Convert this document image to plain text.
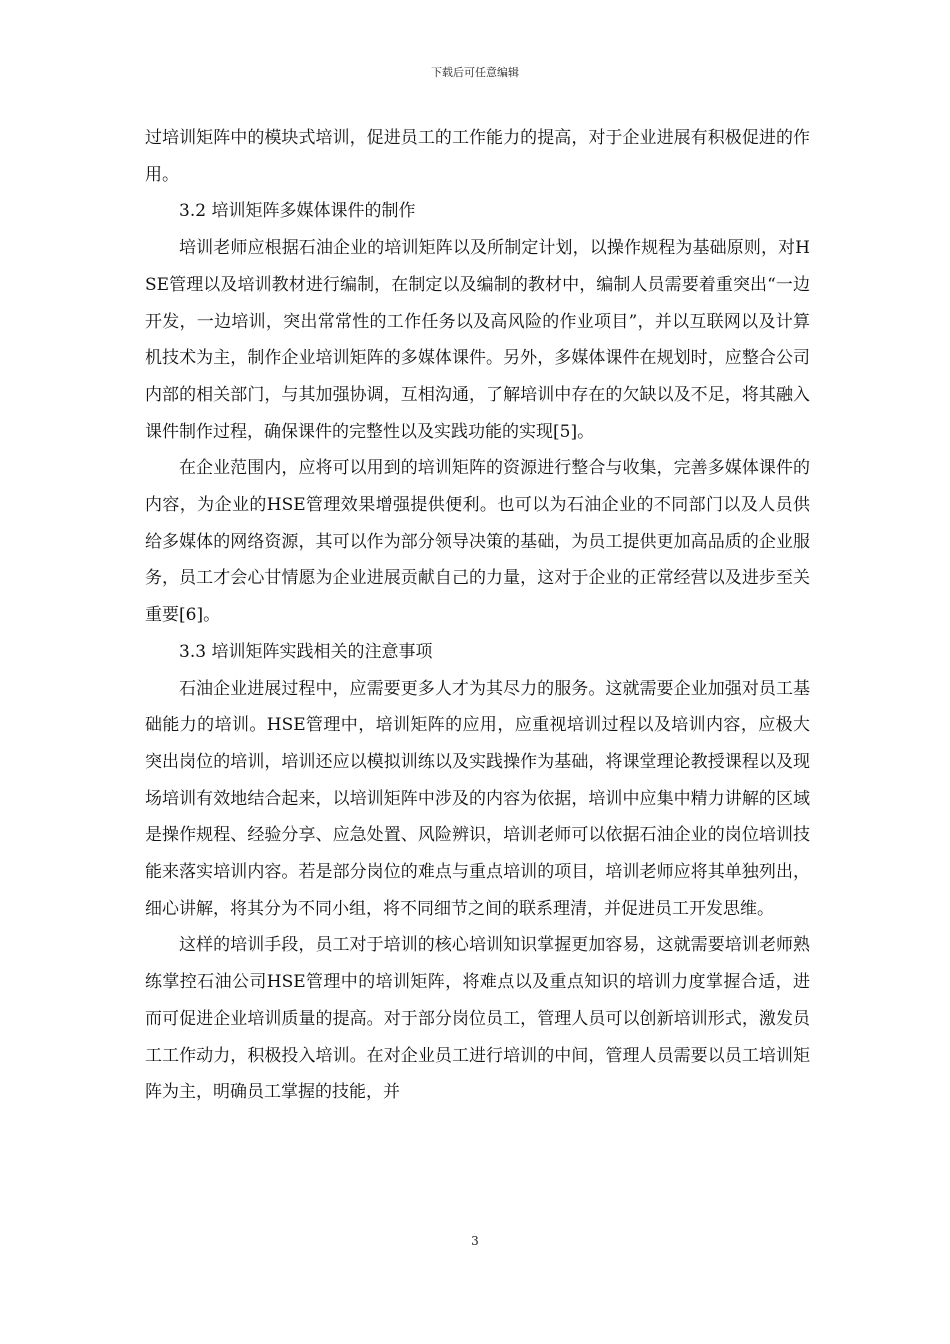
下载后可任意编辑

过培训矩阵中的模块式培训，促进员工的工作能力的提高，对于企业进展有积极促进的作用。

3.2 培训矩阵多媒体课件的制作

培训老师应根据石油企业的培训矩阵以及所制定计划，以操作规程为基础原则，对HSE管理以及培训教材进行编制，在制定以及编制的教材中，编制人员需要着重突出“一边开发，一边培训，突出常常性的工作任务以及高风险的作业项目”，并以互联网以及计算机技术为主，制作企业培训矩阵的多媒体课件。另外，多媒体课件在规划时，应整合公司内部的相关部门，与其加强协调，互相沟通，了解培训中存在的欠缺以及不足，将其融入课件制作过程，确保课件的完整性以及实践功能的实现[5]。

在企业范围内，应将可以用到的培训矩阵的资源进行整合与收集，完善多媒体课件的内容，为企业的HSE管理效果增强提供便利。也可以为石油企业的不同部门以及人员供给多媒体的网络资源，其可以作为部分领导决策的基础，为员工提供更加高品质的企业服务，员工才会心甘情愿为企业进展贡献自己的力量，这对于企业的正常经营以及进步至关重要[6]。

3.3 培训矩阵实践相关的注意事项

石油企业进展过程中，应需要更多人才为其尽力的服务。这就需要企业加强对员工基础能力的培训。HSE管理中，培训矩阵的应用，应重视培训过程以及培训内容，应极大突出岗位的培训，培训还应以模拟训练以及实践操作为基础，将课堂理论教授课程以及现场培训有效地结合起来，以培训矩阵中涉及的内容为依据，培训中应集中精力讲解的区域是操作规程、经验分享、应急处置、风险辨识，培训老师可以依据石油企业的岗位培训技能来落实培训内容。若是部分岗位的难点与重点培训的项目，培训老师应将其单独列出，细心讲解，将其分为不同小组，将不同细节之间的联系理清，并促进员工开发思维。

这样的培训手段，员工对于培训的核心培训知识掌握更加容易，这就需要培训老师熟练掌控石油公司HSE管理中的培训矩阵，将难点以及重点知识的培训力度掌握合适，进而可促进企业培训质量的提高。对于部分岗位员工，管理人员可以创新培训形式，激发员工工作动力，积极投入培训。在对企业员工进行培训的中间，管理人员需要以员工培训矩阵为主，明确员工掌握的技能，并

3
